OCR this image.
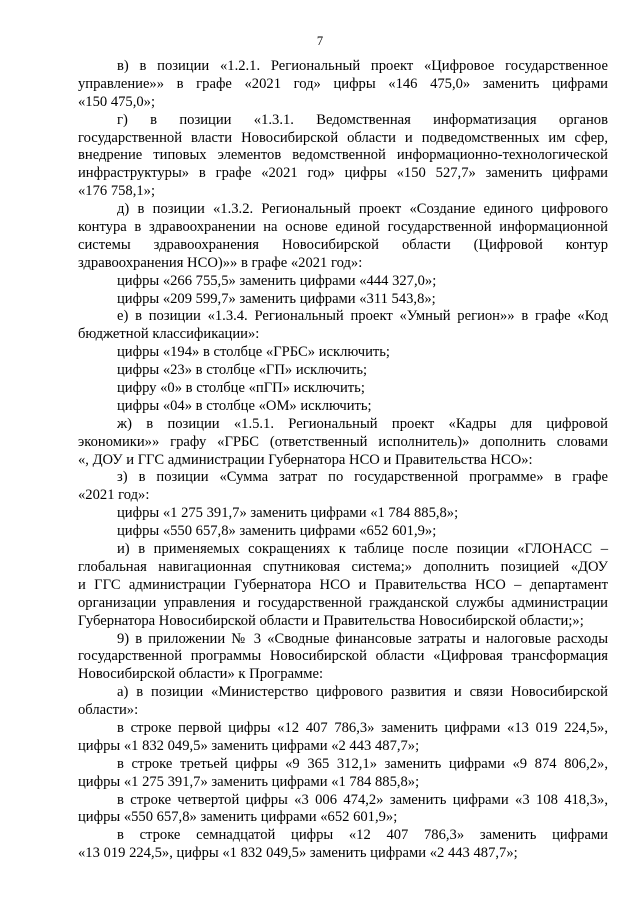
7
в) в позиции «1.2.1. Региональный проект «Цифровое государственное
управление»» в графе «2021 год» цифры «146 475,0» заменить цифрами
«150 475,0»;
г) в позиции «1.3.1. Ведомственная информатизация органов
государственной власти Новосибирской области и подведомственных им сфер,
внедрение типовых элементов ведомственной информационно-технологической
инфраструктуры» в графе «2021 год» цифры «150 527,7» заменить цифрами
«176 758,1»;
д) в позиции «1.3.2. Региональный проект «Создание единого цифрового
контура в здравоохранении на основе единой государственной информационной
системы здравоохранения Новосибирской области (Цифровой контур
здравоохранения НСО)»» в графе «2021 год»:
цифры «266 755,5» заменить цифрами «444 327,0»;
цифры «209 599,7» заменить цифрами «311 543,8»;
е) в позиции «1.3.4. Региональный проект «Умный регион»» в графе «Код
бюджетной классификации»:
цифры «194» в столбце «ГРБС» исключить;
цифры «23» в столбце «ГП» исключить;
цифру «0» в столбце «пГП» исключить;
цифры «04» в столбце «ОМ» исключить;
ж) в позиции «1.5.1. Региональный проект «Кадры для цифровой
экономики»» графу «ГРБС (ответственный исполнитель)» дополнить словами
«, ДОУ и ГГС администрации Губернатора НСО и Правительства НСО»:
з) в позиции «Сумма затрат по государственной программе» в графе
«2021 год»:
цифры «1 275 391,7» заменить цифрами «1 784 885,8»;
цифры «550 657,8» заменить цифрами «652 601,9»;
и) в применяемых сокращениях к таблице после позиции «ГЛОНАСС –
глобальная навигационная спутниковая система;» дополнить позицией «ДОУ
и ГГС администрации Губернатора НСО и Правительства НСО – департамент
организации управления и государственной гражданской службы администрации
Губернатора Новосибирской области и Правительства Новосибирской области;»;
9) в приложении № 3 «Сводные финансовые затраты и налоговые расходы
государственной программы Новосибирской области «Цифровая трансформация
Новосибирской области» к Программе:
а) в позиции «Министерство цифрового развития и связи Новосибирской
области»:
в строке первой цифры «12 407 786,3» заменить цифрами «13 019 224,5»,
цифры «1 832 049,5» заменить цифрами «2 443 487,7»;
в строке третьей цифры «9 365 312,1» заменить цифрами «9 874 806,2»,
цифры «1 275 391,7» заменить цифрами «1 784 885,8»;
в строке четвертой цифры «3 006 474,2» заменить цифрами «3 108 418,3»,
цифры «550 657,8» заменить цифрами «652 601,9»;
в строке семнадцатой цифры «12 407 786,3» заменить цифрами
«13 019 224,5», цифры «1 832 049,5» заменить цифрами «2 443 487,7»;
